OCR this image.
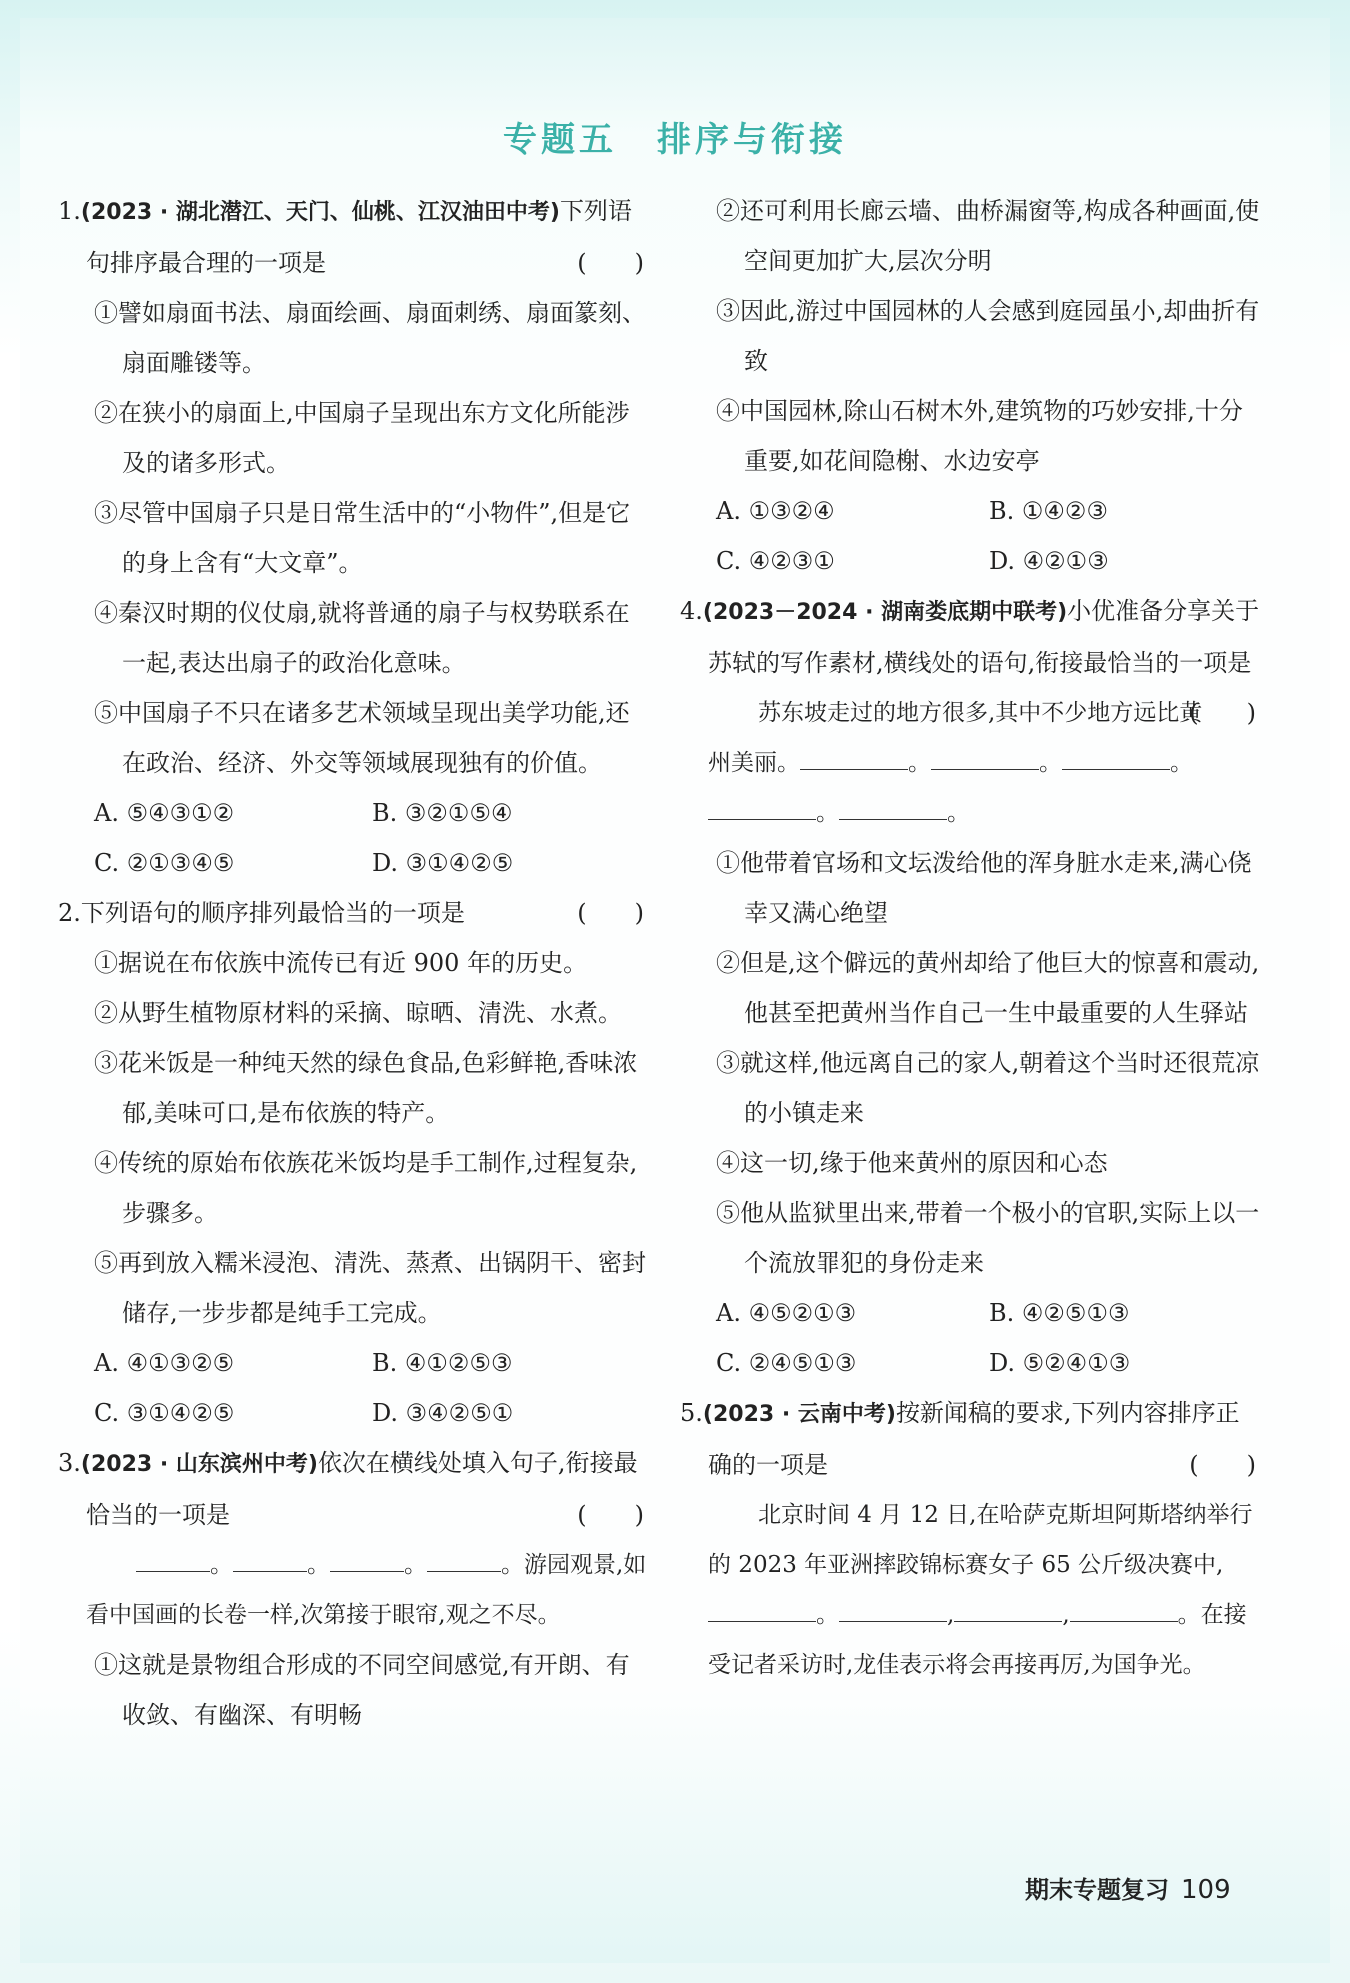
专题五 排序与衔接
1.(2023 · 湖北潜江、天门、仙桃、江汉油田中考)下列语句排序最合理的一项是	(　　)
①譬如扇面书法、扇面绘画、扇面刺绣、扇面篆刻、扇面雕镂等。
②在狭小的扇面上,中国扇子呈现出东方文化所能涉及的诸多形式。
③尽管中国扇子只是日常生活中的“小物件”,但是它的身上含有“大文章”。
④秦汉时期的仪仗扇,就将普通的扇子与权势联系在一起,表达出扇子的政治化意味。
⑤中国扇子不只在诸多艺术领域呈现出美学功能,还在政治、经济、外交等领域展现独有的价值。
A. ⑤④③①②	B. ③②①⑤④
C. ②①③④⑤	D. ③①④②⑤
2.下列语句的顺序排列最恰当的一项是	(　　)
①据说在布依族中流传已有近 900 年的历史。
②从野生植物原材料的采摘、晾晒、清洗、水煮。
③花米饭是一种纯天然的绿色食品,色彩鲜艳,香味浓郁,美味可口,是布依族的特产。
④传统的原始布依族花米饭均是手工制作,过程复杂,步骤多。
⑤再到放入糯米浸泡、清洗、蒸煮、出锅阴干、密封储存,一步步都是纯手工完成。
A. ④①③②⑤	B. ④①②⑤③
C. ③①④②⑤	D. ③④②⑤①
3.(2023 · 山东滨州中考)依次在横线处填入句子,衔接最恰当的一项是	(　　)
。	。	。	。游园观景,如看中国画的长卷一样,次第接于眼帘,观之不尽。
①这就是景物组合形成的不同空间感觉,有开朗、有收敛、有幽深、有明畅
②还可利用长廊云墙、曲桥漏窗等,构成各种画面,使空间更加扩大,层次分明
③因此,游过中国园林的人会感到庭园虽小,却曲折有致
④中国园林,除山石树木外,建筑物的巧妙安排,十分重要,如花间隐榭、水边安亭
A. ①③②④	B. ①④②③
C. ④②③①	D. ④②①③
4.(2023－2024 · 湖南娄底期中联考)小优准备分享关于苏轼的写作素材,横线处的语句,衔接最恰当的一项是
(　　)
苏东坡走过的地方很多,其中不少地方远比黄州美丽。	。	。	。。	。
①他带着官场和文坛泼给他的浑身脏水走来,满心侥幸又满心绝望
②但是,这个僻远的黄州却给了他巨大的惊喜和震动,他甚至把黄州当作自己一生中最重要的人生驿站
③就这样,他远离自己的家人,朝着这个当时还很荒凉的小镇走来
④这一切,缘于他来黄州的原因和心态
⑤他从监狱里出来,带着一个极小的官职,实际上以一个流放罪犯的身份走来
A. ④⑤②①③	B. ④②⑤①③
C. ②④⑤①③	D. ⑤②④①③
5.(2023 · 云南中考)按新闻稿的要求,下列内容排序正确的一项是	(　　)
北京时间 4 月 12 日,在哈萨克斯坦阿斯塔纳举行的 2023 年亚洲摔跤锦标赛女子 65 公斤级决赛中,。	,	,	。在接受记者采访时,龙佳表示将会再接再厉,为国争光。
期末专题复习 109
